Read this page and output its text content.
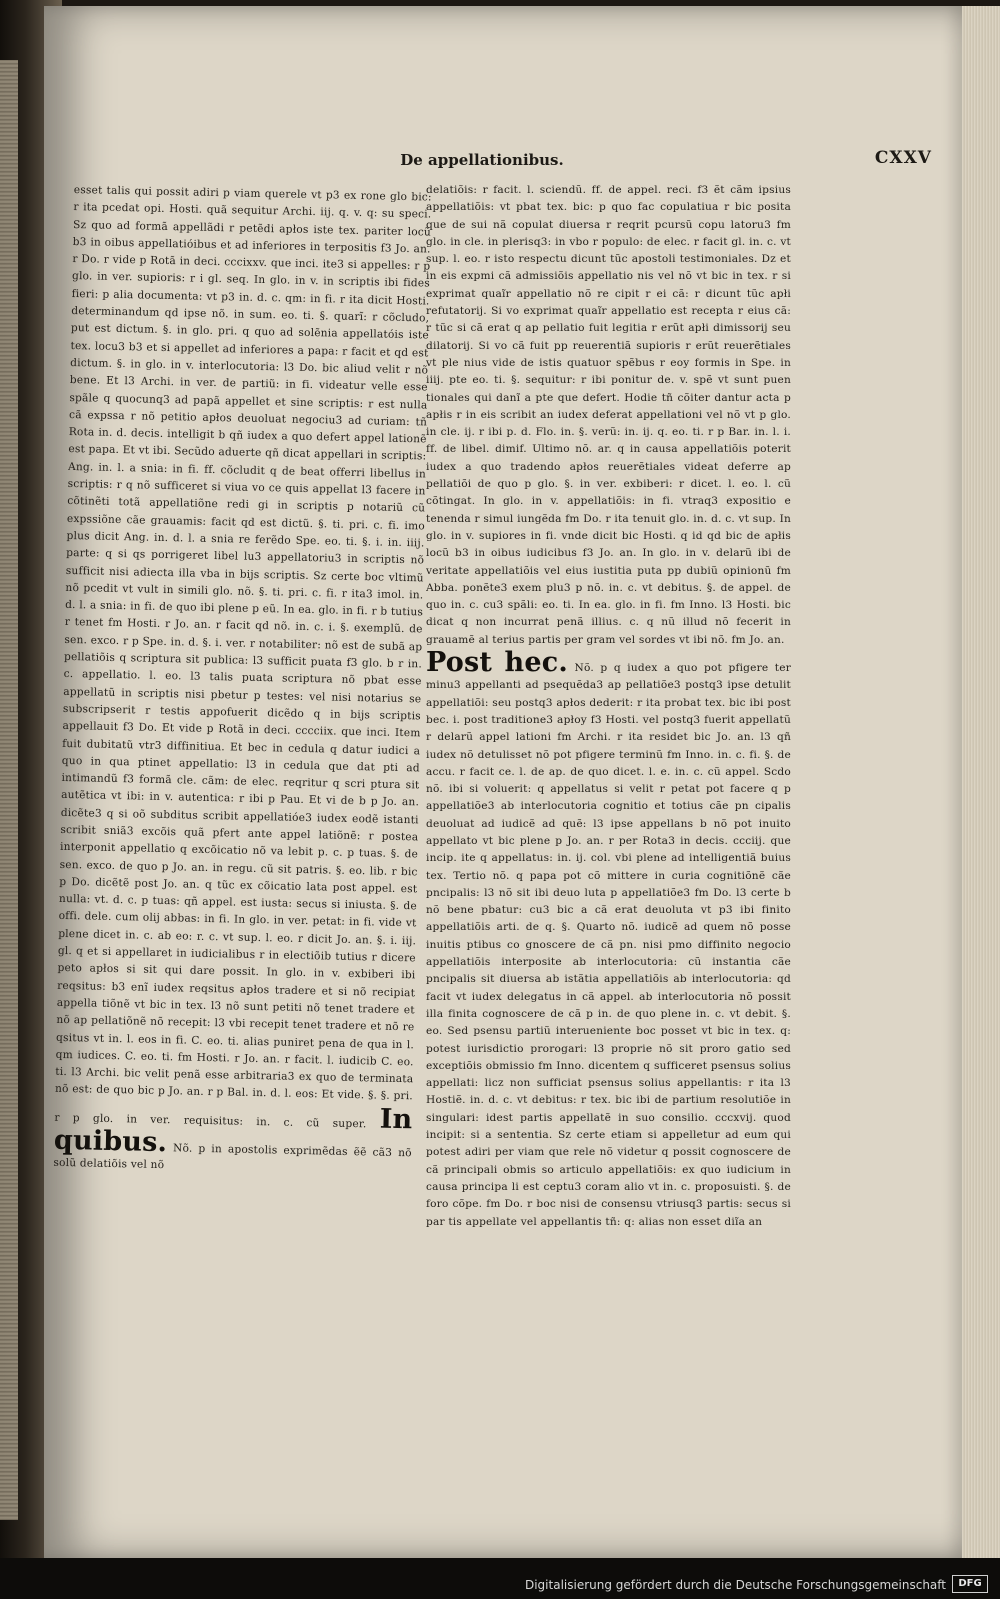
De appellationibus.	CXXV

esset talis qui possit adiri p viam querele vt p3 ex rone glo bic: r ita pcedat opi. Hosti. quã sequitur Archi. iij. q. v. q: su speci. Sz quo ad formã appellãdi r petẽdi apłos iste tex. pariter locũ b3 in oibus appellatióibus et ad inferiores in terpositis f3 Jo. an. r Do. r vide p Rotã in deci. cccixxv. que inci. ite3 si appelles: r p glo. in ver. supioris: r i gl. seq. In glo. in v. in scriptis ibi fides fieri: p alia documenta: vt p3 in. d. c. qm: in fi. r ita dicit Hosti. determinandum qd ipse nõ. in sum. eo. ti. §. quarĩ: r cõcludo, put est dictum. §. in glo. pri. q quo ad solẽnia appellatóis iste tex. locu3 b3 et si appellet ad inferiores a papa: r facit et qd est dictum. §. in glo. in v. interlocutoria: l3 Do. bic aliud velit r nõ bene. Et l3 Archi. in ver. de partiũ: in fi. videatur velle esse spãle q quocunq3 ad papã appellet et sine scriptis: r est nulla cã expssa r nõ petitio apłos deuoluat negociu3 ad curiam: tñ Rota in. d. decis. intelligit b qñ iudex a quo defert appel lationẽ est papa. Et vt ibi. Secũdo aduerte qñ dicat appellari in scriptis: Ang. in. l. a snia: in fi. ff. cõcludit q de beat offerri libellus in scriptis: r q nõ sufficeret si viua vo ce quis appellat l3 facere in cõtinẽti totã appellatiõne redi gi in scriptis p notariũ cũ expssiõne cãe grauamis: facit qd est dictũ. §. ti. pri. c. fi. imo plus dicit Ang. in. d. l. a snia re ferẽdo Spe. eo. ti. §. i. in. iiij. parte: q si qs porrigeret libel lu3 appellatoriu3 in scriptis nõ sufficit nisi adiecta illa vba in bijs scriptis. Sz certe boc vltimũ nõ pcedit vt vult in simili glo. nõ. §. ti. pri. c. fi. r ita3 imol. in. d. l. a snia: in fi. de quo ibi plene p eũ. In ea. glo. in fi. r b tutius r tenet fm Hosti. r Jo. an. r facit qd nõ. in. c. i. §. exemplũ. de sen. exco. r p Spe. in. d. §. i. ver. r notabiliter: nõ est de subã ap pellatiõis q scriptura sit publica: l3 sufficit puata f3 glo. b r in. c. appellatio. l. eo. l3 talis puata scriptura nõ pbat esse appellatũ in scriptis nisi pbetur p testes: vel nisi notarius se subscripserit r testis appofuerit dicẽdo q in bijs scriptis appellauit f3 Do. Et vide p Rotã in deci. cccciix. que inci. Item fuit dubitatũ vtr3 diffinitiua. Et bec in cedula q datur iudici a quo in qua ptinet appellatio: l3 in cedula que dat pti ad intimandũ f3 formã cle. cãm: de elec. reqritur q scri ptura sit autẽtica vt ibi: in v. autentica: r ibi p Pau. Et vi de b p Jo. an. dicẽte3 q si oõ subditus scribit appellatióe3 iudex eodẽ istanti scribit sniã3 excõis quã pfert ante appel latiõnẽ: r postea interponit appellatio q excõicatio nõ va lebit p. c. p tuas. §. de sen. exco. de quo p Jo. an. in regu. cũ sit patris. §. eo. lib. r bic p Do. dicẽtẽ post Jo. an. q tũc ex cõicatio lata post appel. est nulla: vt. d. c. p tuas: qñ appel. est iusta: secus si iniusta. §. de offi. dele. cum olij abbas: in fi. In glo. in ver. petat: in fi. vide vt plene dicet in. c. ab eo: r. c. vt sup. l. eo. r dicit Jo. an. §. i. iij. gl. q et si appellaret in iudicialibus r in electiõib tutius r dicere peto apłos si sit qui dare possit. In glo. in v. exbiberi ibi reqsitus: b3 enĩ iudex reqsitus apłos tradere et si nõ recipiat appella tiõnẽ vt bic in tex. l3 nõ sunt petiti nõ tenet tradere et nõ ap pellatiõnẽ nõ recepit: l3 vbi recepit tenet tradere et nõ re qsitus vt in. l. eos in fi. C. eo. ti. alias puniret pena de qua in l. qm iudices. C. eo. ti. fm Hosti. r Jo. an. r facit. l. iudicib C. eo. ti. l3 Archi. bic velit penã esse arbitraria3 ex quo de terminata nõ est: de quo bic p Jo. an. r p Bal. in. d. l. eos: Et vide. §. §. pri. r p glo. in ver. requisitus: in. c. cũ super. In quibus. Nõ. p in apostolis exprimẽdas ẽẽ cã3 nõ solũ delatiõis vel nõ

delatiõis: r facit. l. sciendũ. ff. de appel. reci. f3 ẽt cãm ipsius appellatiõis: vt pbat tex. bic: p quo fac copulatiua r bic posita que de sui nã copulat diuersa r reqrit pcursũ copu latoru3 fm glo. in cle. in plerisq3: in vbo r populo: de elec. r facit gl. in. c. vt sup. l. eo. r isto respectu dicunt tũc apostoli testimoniales. Dz et in eis expmi cã admissiõis appellatio nis vel nõ vt bic in tex. r si exprimat quaĩr appellatio nõ re cipit r ei cã: r dicunt tũc apłi refutatorij. Si vo exprimat quaĩr appellatio est recepta r eius cã: r tũc si cã erat q ap pellatio fuit legitia r erũt apłi dimissorij seu dilatorij. Si vo cã fuit pp reuerentiã supioris r erũt reuerẽtiales vt ple nius vide de istis quatuor spẽbus r eoy formis in Spe. in iiij. pte eo. ti. §. sequitur: r ibi ponitur de. v. spẽ vt sunt puen tionales qui danĩ a pte que defert. Hodie tñ cõiter dantur acta p apłis r in eis scribit an iudex deferat appellationi vel nõ vt p glo. in cle. ij. r ibi p. d. Flo. in. §. verũ: in. ij. q. eo. ti. r p Bar. in. l. i. ff. de libel. dimif. Ultimo nõ. ar. q in causa appellatiõis poterit iudex a quo tradendo apłos reuerẽtiales videat deferre ap pellatiõi de quo p glo. §. in ver. exbiberi: r dicet. l. eo. l. cũ cõtingat. In glo. in v. appellatiõis: in fi. vtraq3 expositio e tenenda r simul iungẽda fm Do. r ita tenuit glo. in. d. c. vt sup. In glo. in v. supiores in fi. vnde dicit bic Hosti. q id qd bic de apłis locũ b3 in oibus iudicibus f3 Jo. an. In glo. in v. delarũ ibi de veritate appellatiõis vel eius iustitia puta pp dubiũ opinionũ fm Abba. ponẽte3 exem plu3 p nõ. in. c. vt debitus. §. de appel. de quo in. c. cu3 spãli: eo. ti. In ea. glo. in fi. fm Inno. l3 Hosti. bic dicat q non incurrat penã illius. c. q nũ illud nõ fecerit in grauamẽ al terius partis per gram vel sordes vt ibi nõ. fm Jo. an.

Post hec. Nõ. p q iudex a quo pot pfigere ter minu3 appellanti ad psequẽda3 ap pellatiõe3 postq3 ipse detulit appellatiõi: seu postq3 apłos dederit: r ita probat tex. bic ibi post bec. i. post traditione3 apłoy f3 Hosti. vel postq3 fuerit appellatũ r delarũ appel lationi fm Archi. r ita residet bic Jo. an. l3 qñ iudex nõ detulisset nõ pot pfigere terminũ fm Inno. in. c. fi. §. de accu. r facit ce. l. de ap. de quo dicet. l. e. in. c. cũ appel. Scdo nõ. ibi si voluerit: q appellatus si velit r petat pot facere q p appellatiõe3 ab interlocutoria cognitio et totius cãe pn cipalis deuoluat ad iudicẽ ad quẽ: l3 ipse appellans b nõ pot inuito appellato vt bic plene p Jo. an. r per Rota3 in decis. ccciij. que incip. ite q appellatus: in. ij. col. vbi plene ad intelligentiã buius tex. Tertio nõ. q papa pot cõ mittere in curia cognitiõnẽ cãe pncipalis: l3 nõ sit ibi deuo luta p appellatiõe3 fm Do. l3 certe b nõ bene pbatur: cu3 bic a cã erat deuoluta vt p3 ibi finito appellatiõis arti. de q. §. Quarto nõ. iudicẽ ad quem nõ posse inuitis ptibus co gnoscere de cã pn. nisi pmo diffinito negocio appellatiõis interposite ab interlocutoria: cũ instantia cãe pncipalis sit diuersa ab istãtia appellatiõis ab interlocutoria: qd facit vt iudex delegatus in cã appel. ab interlocutoria nõ possit illa finita cognoscere de cã p in. de quo plene in. c. vt debit. §. eo. Sed psensu partiũ interueniente boc posset vt bic in tex. q: potest iurisdictio prorogari: l3 proprie nõ sit proro gatio sed exceptiõis obmissio fm Inno. dicentem q sufficeret psensus solius appellati: licz non sufficiat psensus solius appellantis: r ita l3 Hostiẽ. in. d. c. vt debitus: r tex. bic ibi de partium resolutiõe in singulari: idest partis appellatẽ in suo consilio. cccxvij. quod incipit: si a sententia. Sz certe etiam si appelletur ad eum qui potest adiri per viam que rele nõ videtur q possit cognoscere de cã principali obmis so articulo appellatiõis: ex quo iudicium in causa principa li est ceptu3 coram alio vt in. c. proposuisti. §. de foro cõpe. fm Do. r boc nisi de consensu vtriusq3 partis: secus si par tis appellate vel appellantis tñ: q: alias non esset diĩa an

Digitalisierung gefördert durch die Deutsche Forschungsgemeinschaft	DFG
